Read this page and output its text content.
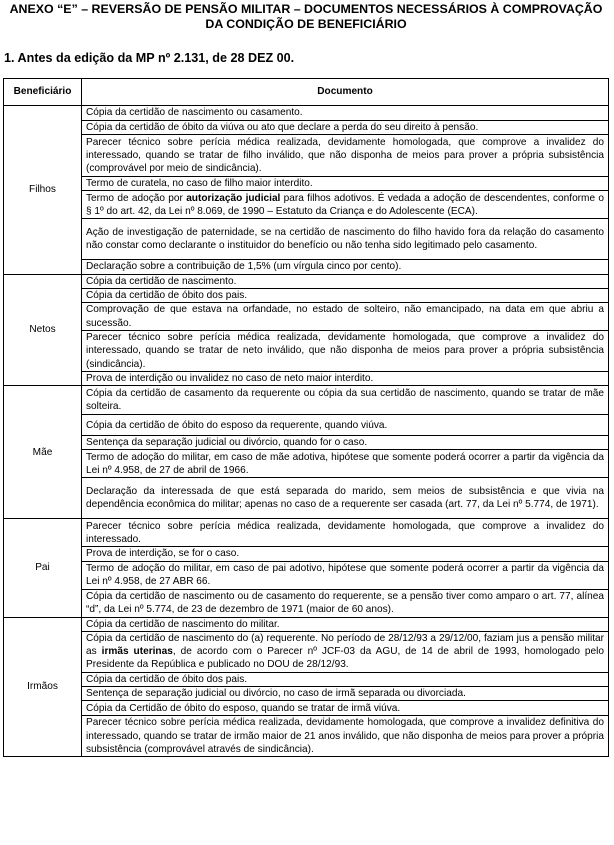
ANEXO “E” – REVERSÃO DE PENSÃO MILITAR – DOCUMENTOS NECESSÁRIOS À COMPROVAÇÃO
DA CONDIÇÃO DE BENEFICIÁRIO
1. Antes da edição da MP nº 2.131, de 28 DEZ 00.
Beneficiário	Documento
Filhos	Cópia da certidão de nascimento ou casamento.
	Cópia da certidão de óbito da viúva ou ato que declare a perda do seu direito à pensão.
	Parecer técnico sobre perícia médica realizada, devidamente homologada, que comprove a invalidez do interessado, quando se tratar de filho inválido, que não disponha de meios para prover a própria subsistência (comprovável por meio de sindicância).
	Termo de curatela, no caso de filho maior interdito.
	Termo de adoção por autorização judicial para filhos adotivos. É vedada a adoção de descendentes, conforme o § 1º do art. 42, da Lei nº 8.069, de 1990 – Estatuto da Criança e do Adolescente (ECA).
	Ação de investigação de paternidade, se na certidão de nascimento do filho havido fora da relação do casamento não constar como declarante o instituidor do benefício ou não tenha sido legitimado pelo casamento.
	Declaração sobre a contribuição de 1,5% (um vírgula cinco por cento).
Netos	Cópia da certidão de nascimento.
	Cópia da certidão de óbito dos pais.
	Comprovação de que estava na orfandade, no estado de solteiro, não emancipado, na data em que abriu a sucessão.
	Parecer técnico sobre perícia médica realizada, devidamente homologada, que comprove a invalidez do interessado, quando se tratar de neto inválido, que não disponha de meios para prover a própria subsistência (sindicância).
	Prova de interdição ou invalidez no caso de neto maior interdito.
Mãe	Cópia da certidão de casamento da requerente ou cópia da sua certidão de nascimento, quando se tratar de mãe solteira.
	Cópia da certidão de óbito do esposo da requerente, quando viúva.
	Sentença da separação judicial ou divórcio, quando for o caso.
	Termo de adoção do militar, em caso de mãe adotiva, hipótese que somente poderá ocorrer a partir da vigência da Lei nº 4.958, de 27 de abril de 1966.
	Declaração da interessada de que está separada do marido, sem meios de subsistência e que vivia na dependência econômica do militar; apenas no caso de a requerente ser casada (art. 77, da Lei nº 5.774, de 1971).
Pai	Parecer técnico sobre perícia médica realizada, devidamente homologada, que comprove a invalidez do interessado.
	Prova de interdição, se for o caso.
	Termo de adoção do militar, em caso de pai adotivo, hipótese que somente poderá ocorrer a partir da vigência da Lei nº 4.958, de 27 ABR 66.
	Cópia da certidão de nascimento ou de casamento do requerente, se a pensão tiver como amparo o art. 77, alínea “d”, da Lei nº 5.774, de 23 de dezembro de 1971 (maior de 60 anos).
Irmãos	Cópia da certidão de nascimento do militar.
	Cópia da certidão de nascimento do (a) requerente. No período de 28/12/93 a 29/12/00, faziam jus a pensão militar as irmãs uterinas, de acordo com o Parecer nº JCF-03 da AGU, de 14 de abril de 1993, homologado pelo Presidente da República e publicado no DOU de 28/12/93.
	Cópia da certidão de óbito dos pais.
	Sentença de separação judicial ou divórcio, no caso de irmã separada ou divorciada.
	Cópia da Certidão de óbito do esposo, quando se tratar de irmã viúva.
	Parecer técnico sobre perícia médica realizada, devidamente homologada, que comprove a invalidez definitiva do interessado, quando se tratar de irmão maior de 21 anos inválido, que não disponha de meios para prover a própria subsistência (comprovável através de sindicância).
